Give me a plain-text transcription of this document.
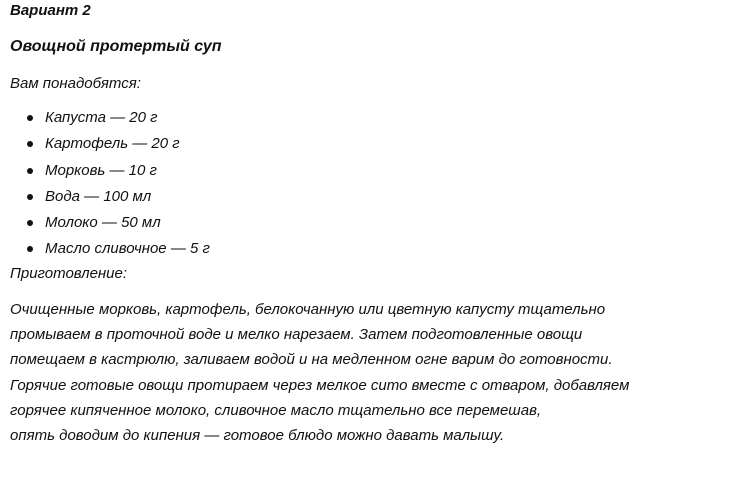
Вариант 2

Овощной протертый суп

Вам понадобятся:

Капуста — 20 г
Картофель — 20 г
Морковь — 10 г
Вода — 100 мл
Молоко — 50 мл
Масло сливочное — 5 г

Приготовление:

Очищенные морковь, картофель, белокочанную или цветную капусту тщательно
промываем в проточной воде и мелко нарезаем. Затем подготовленные овощи
помещаем в кастрюлю, заливаем водой и на медленном огне варим до готовности.
Горячие готовые овощи протираем через мелкое сито вместе с отваром, добавляем
горячее кипяченное молоко, сливочное масло тщательно все перемешав,
опять доводим до кипения — готовое блюдо можно давать малышу.
